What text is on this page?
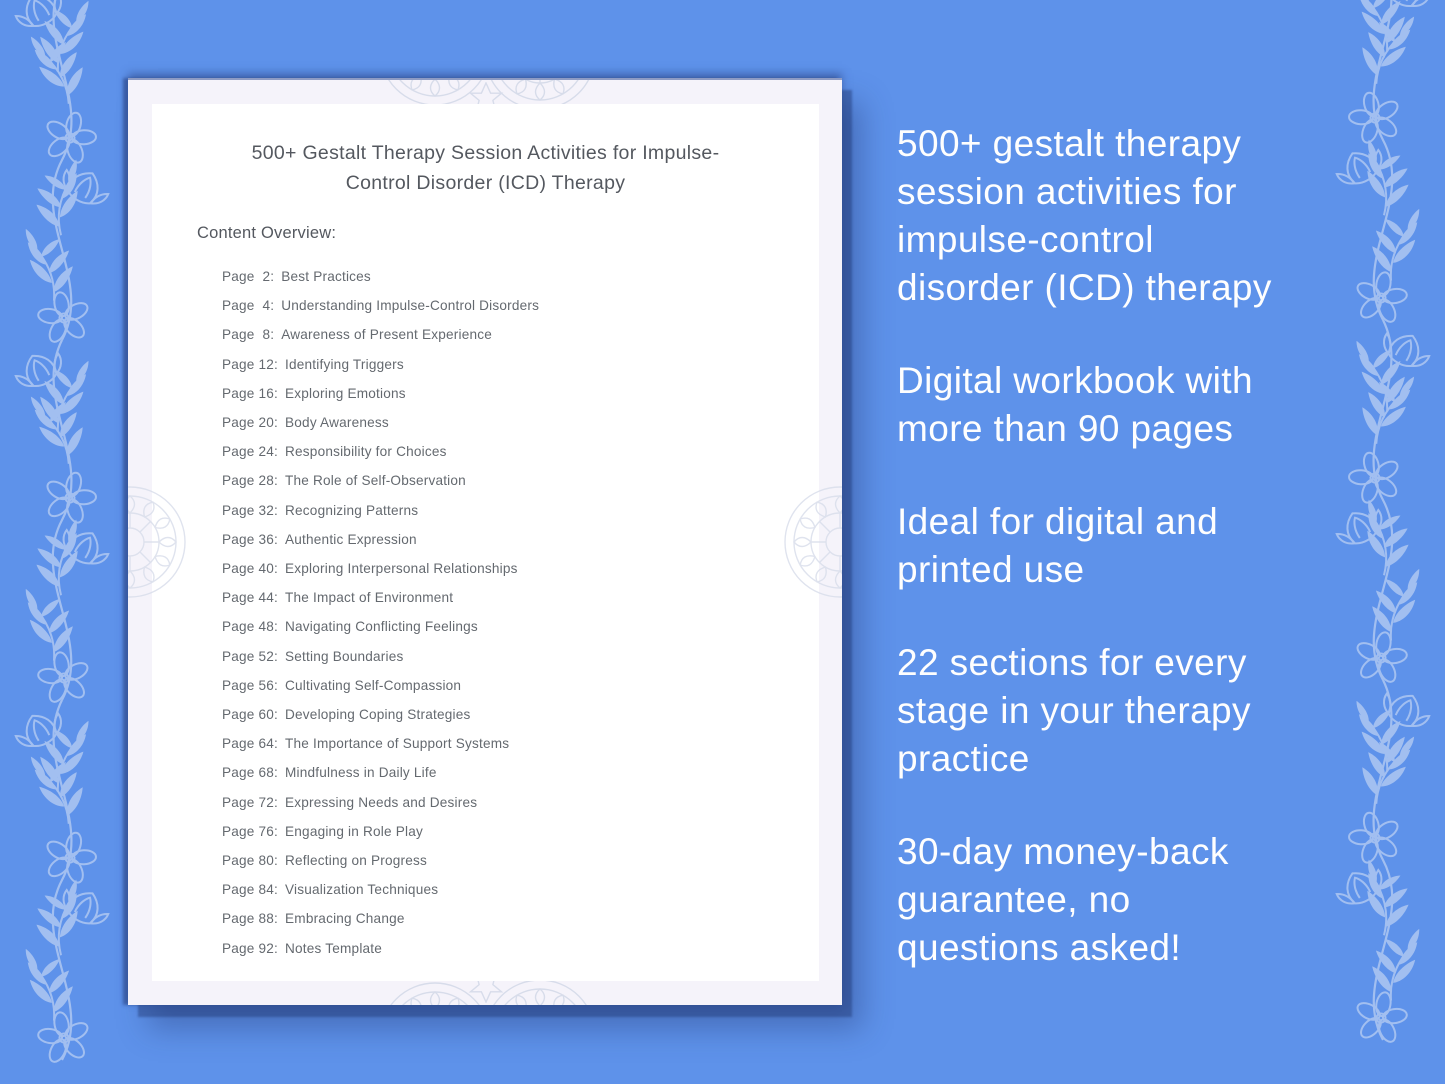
500+ Gestalt Therapy Session Activities for Impulse-Control Disorder (ICD) Therapy
Content Overview:
Page  2: Best Practices
Page  4: Understanding Impulse-Control Disorders
Page  8: Awareness of Present Experience
Page 12: Identifying Triggers
Page 16: Exploring Emotions
Page 20: Body Awareness
Page 24: Responsibility for Choices
Page 28: The Role of Self-Observation
Page 32: Recognizing Patterns
Page 36: Authentic Expression
Page 40: Exploring Interpersonal Relationships
Page 44: The Impact of Environment
Page 48: Navigating Conflicting Feelings
Page 52: Setting Boundaries
Page 56: Cultivating Self-Compassion
Page 60: Developing Coping Strategies
Page 64: The Importance of Support Systems
Page 68: Mindfulness in Daily Life
Page 72: Expressing Needs and Desires
Page 76: Engaging in Role Play
Page 80: Reflecting on Progress
Page 84: Visualization Techniques
Page 88: Embracing Change
Page 92: Notes Template

500+ gestalt therapy session activities for impulse-control disorder (ICD) therapy

Digital workbook with more than 90 pages

Ideal for digital and printed use

22 sections for every stage in your therapy practice

30-day money-back guarantee, no questions asked!
